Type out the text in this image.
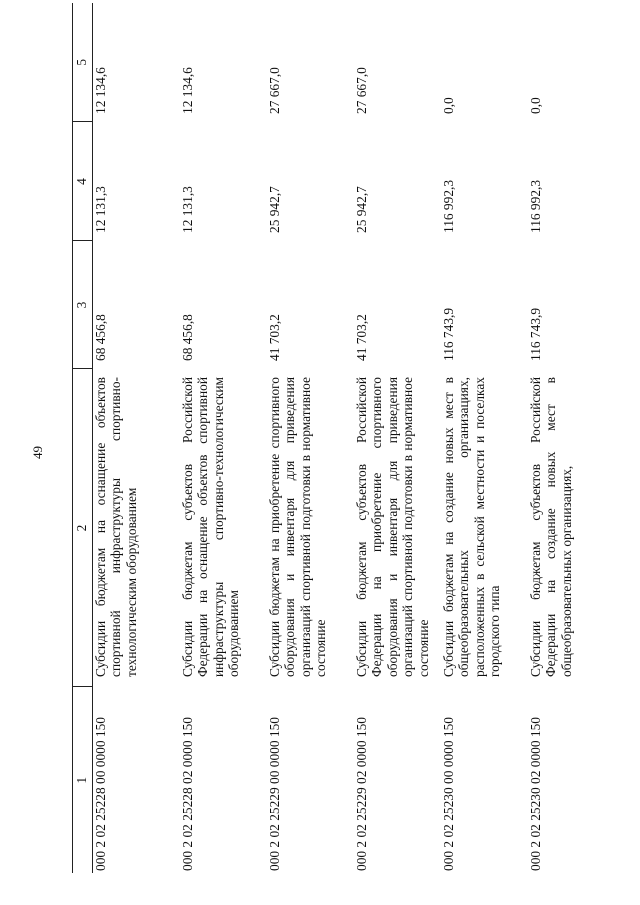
49
1	2	3	4	5
000 2 02 25228 00 0000 150	Субсидии бюджетам на оснащение объектов спортивной инфраструктуры спортивно-технологическим оборудованием	68 456,8	12 131,3	12 134,6
000 2 02 25228 02 0000 150	Субсидии бюджетам субъектов Российской Федерации на оснащение объектов спортивной инфраструктуры спортивно-технологическим оборудованием	68 456,8	12 131,3	12 134,6
000 2 02 25229 00 0000 150	Субсидии бюджетам на приобретение спортивного оборудования и инвентаря для приведения организаций спортивной подготовки в нормативное состояние	41 703,2	25 942,7	27 667,0
000 2 02 25229 02 0000 150	Субсидии бюджетам субъектов Российской Федерации на приобретение спортивного оборудования и инвентаря для приведения организаций спортивной подготовки в нормативное состояние	41 703,2	25 942,7	27 667,0
000 2 02 25230 00 0000 150	Субсидии бюджетам на создание новых мест в общеобразовательных организациях, расположенных в сельской местности и поселках городского типа	116 743,9	116 992,3	0,0
000 2 02 25230 02 0000 150	Субсидии бюджетам субъектов Российской Федерации на создание новых мест в общеобразовательных организациях,	116 743,9	116 992,3	0,0
